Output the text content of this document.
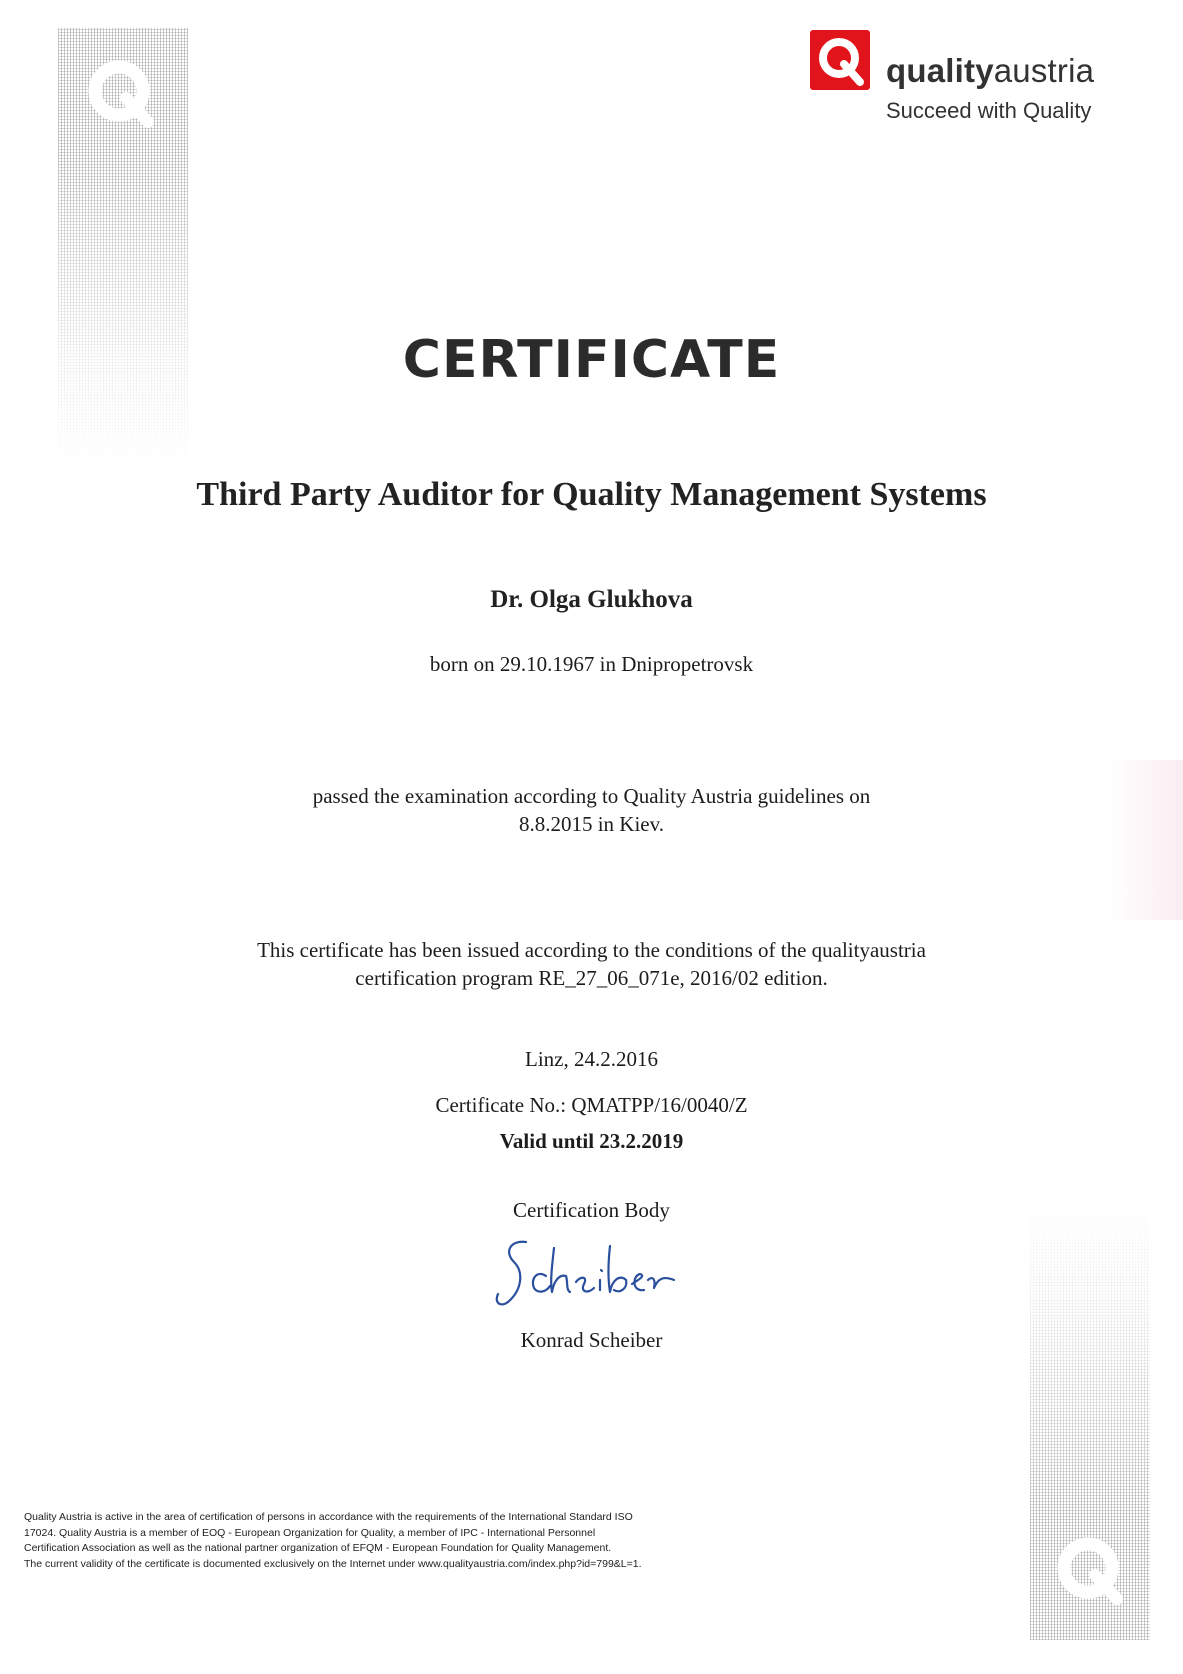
qualityaustria
Succeed with Quality
CERTIFICATE
Third Party Auditor for Quality Management Systems
Dr. Olga Glukhova
born on 29.10.1967 in Dnipropetrovsk
passed the examination according to Quality Austria guidelines on
8.8.2015 in Kiev.
This certificate has been issued according to the conditions of the qualityaustria
certification program RE_27_06_071e, 2016/02 edition.
Linz, 24.2.2016
Certificate No.: QMATPP/16/0040/Z
Valid until 23.2.2019
Certification Body
Konrad Scheiber

Quality Austria is active in the area of certification of persons in accordance with the requirements of the International Standard ISO 17024. Quality Austria is a member of EOQ - European Organization for Quality, a member of IPC - International Personnel Certification Association as well as the national partner organization of EFQM - European Foundation for Quality Management.

The current validity of the certificate is documented exclusively on the Internet under www.qualityaustria.com/index.php?id=799&L=1.
